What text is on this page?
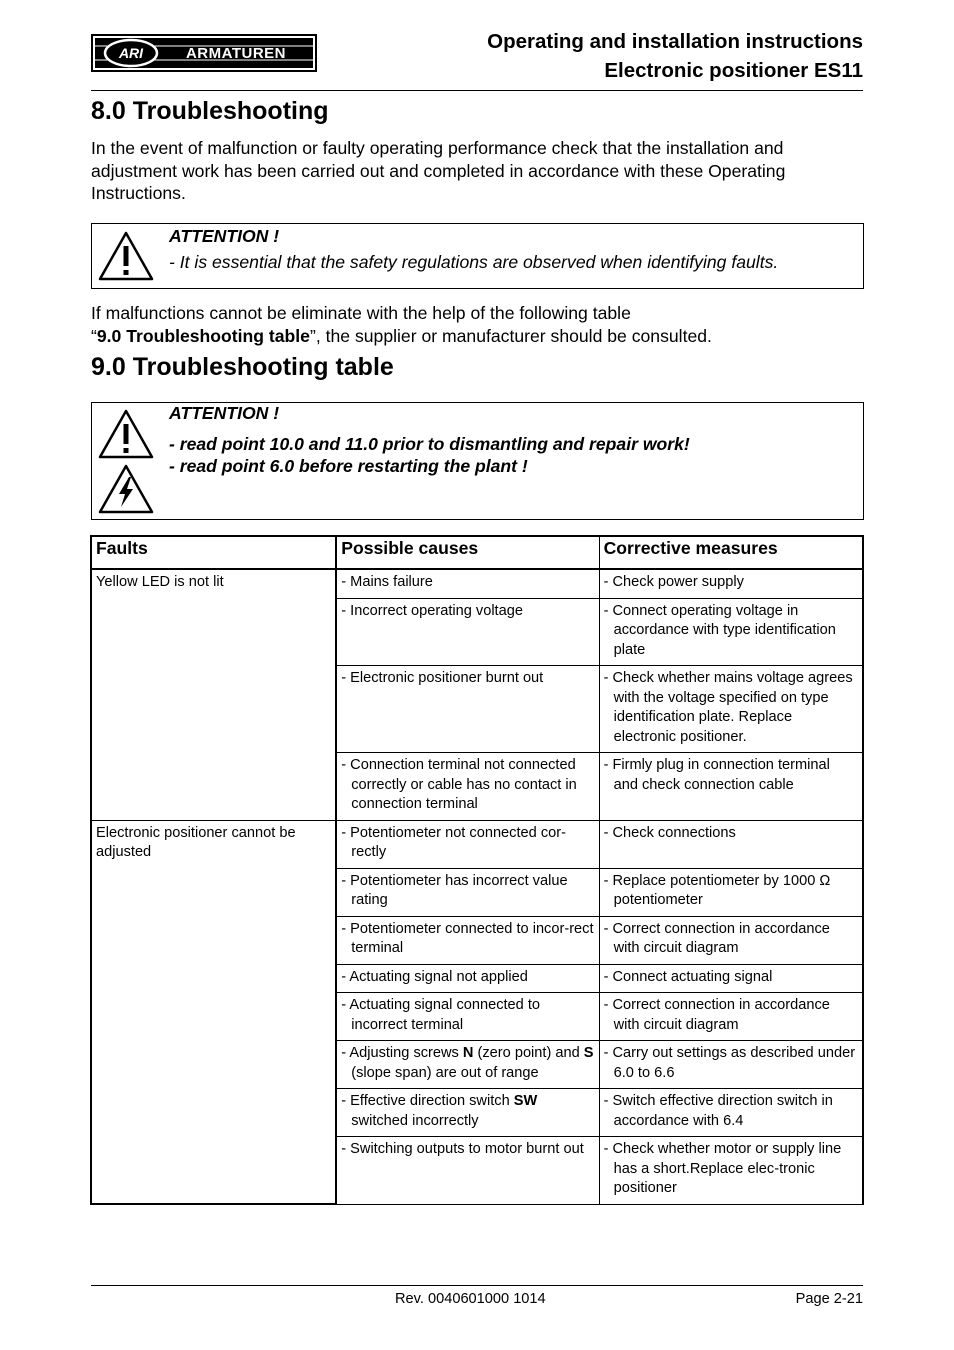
ARI	ARMATUREN
Operating and installation instructions
Electronic positioner ES11
8.0 Troubleshooting

In the event of malfunction or faulty operating performance check that the installation and adjustment work has been carried out and completed in accordance with these Operating Instructions.

ATTENTION !
- It is essential that the safety regulations are observed when identifying faults.

If malfunctions cannot be eliminate with the help of the following table
“9.0 Troubleshooting table”, the supplier or manufacturer should be consulted.

9.0 Troubleshooting table
ATTENTION !
- read point 10.0 and 11.0 prior to dismantling and repair work!
- read point 6.0 before restarting the plant !
Faults	Possible causes	Corrective measures
Yellow LED is not lit	- Mains failure	- Check power supply

	- Incorrect operating voltage	- Connect operating voltage in accordance with type identification plate

	- Electronic positioner burnt out	- Check whether mains voltage agrees with the voltage specified on type identification plate. Replace electronic positioner.

	- Connection terminal not connected correctly or cable has no contact in connection terminal	- Firmly plug in connection terminal and check connection cable

Electronic positioner cannot be adjusted	- Potentiometer not connected cor-rectly	- Check connections

	- Potentiometer has incorrect value rating	- Replace potentiometer by 1000 Ω potentiometer

	- Potentiometer connected to incor-rect terminal	- Correct connection in accordance with circuit diagram

	- Actuating signal not applied	- Connect actuating signal

	- Actuating signal connected to incorrect terminal	- Correct connection in accordance with circuit diagram

	- Adjusting screws N (zero point) and S (slope span) are out of range	- Carry out settings as described under 6.0 to 6.6

	- Effective direction switch SW switched incorrectly	- Switch effective direction switch in accordance with 6.4

	- Switching outputs to motor burnt out	- Check whether motor or supply line has a short.Replace elec-tronic positioner
Rev. 0040601000 1014	Page 2-21
